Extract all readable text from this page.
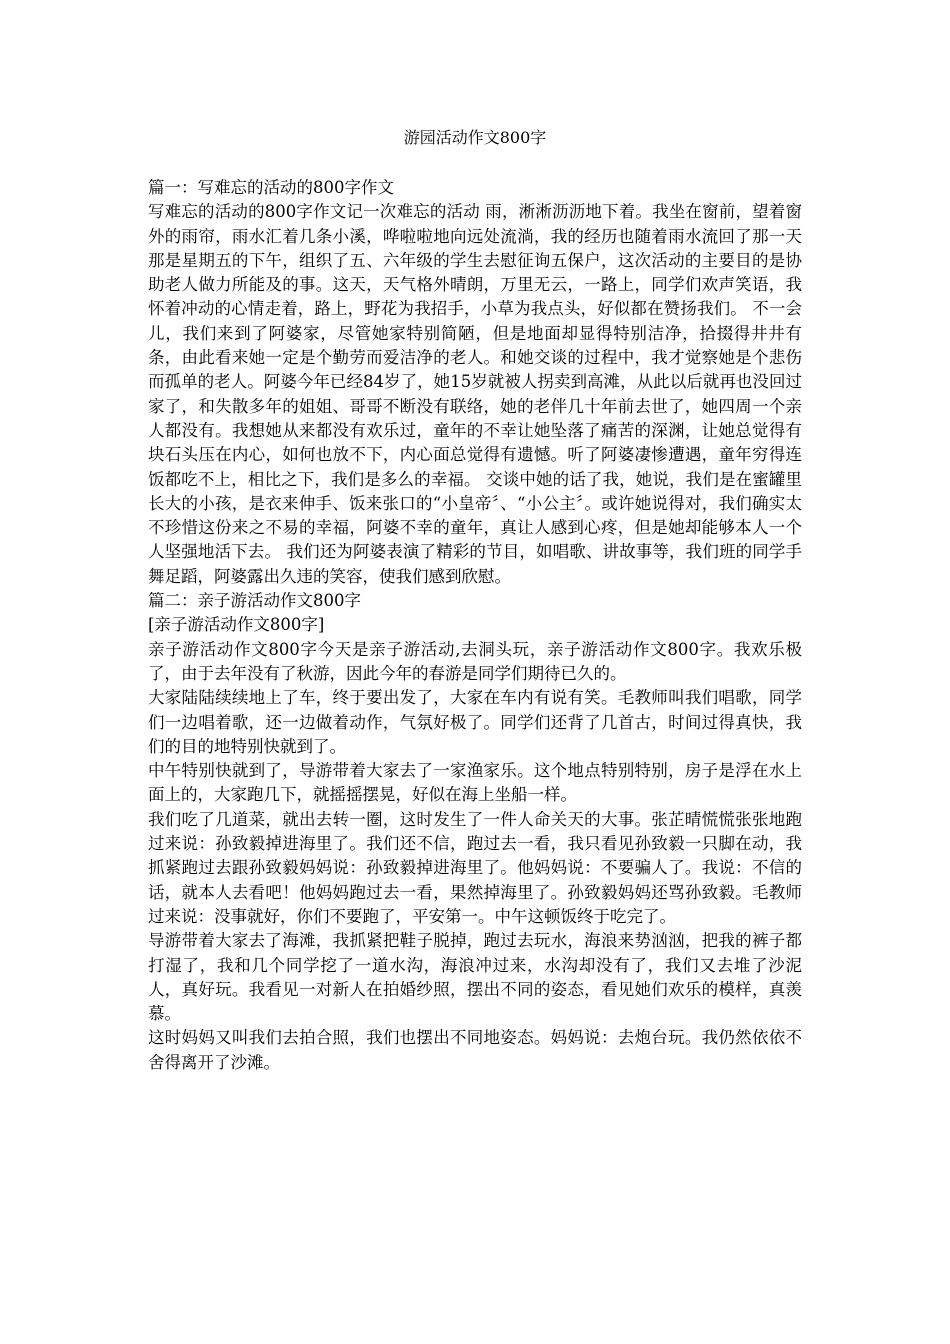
游园活动作文800字

篇一：写难忘的活动的800字作文

写难忘的活动的800字作文记一次难忘的活动 雨，淅淅沥沥地下着。我坐在窗前，望着窗外的雨帘，雨水汇着几条小溪，哗啦啦地向远处流淌，我的经历也随着雨水流回了那一天 那是星期五的下午，组织了五、六年级的学生去慰征询五保户，这次活动的主要目的是协助老人做力所能及的事。这天，天气格外晴朗，万里无云，一路上，同学们欢声笑语，我怀着冲动的心情走着，路上，野花为我招手，小草为我点头，好似都在赞扬我们。 不一会儿，我们来到了阿婆家，尽管她家特别简陋，但是地面却显得特别洁净，拾掇得井井有条，由此看来她一定是个勤劳而爱洁净的老人。和她交谈的过程中，我才觉察她是个悲伤而孤单的老人。阿婆今年已经84岁了，她15岁就被人拐卖到高滩，从此以后就再也没回过家了，和失散多年的姐姐、哥哥不断没有联络，她的老伴几十年前去世了，她四周一个亲人都没有。我想她从来都没有欢乐过，童年的不幸让她坠落了痛苦的深渊，让她总觉得有块石头压在内心，如何也放不下，内心面总觉得有遗憾。听了阿婆凄惨遭遇，童年穷得连饭都吃不上，相比之下，我们是多么的幸福。 交谈中她的话了我，她说，我们是在蜜罐里长大的小孩，是衣来伸手、饭来张口的“小皇帝〞、“小公主〞。或许她说得对，我们确实太不珍惜这份来之不易的幸福，阿婆不幸的童年，真让人感到心疼，但是她却能够本人一个人坚强地活下去。 我们还为阿婆表演了精彩的节目，如唱歌、讲故事等，我们班的同学手舞足蹈，阿婆露出久违的笑容，使我们感到欣慰。

篇二：亲子游活动作文800字

[亲子游活动作文800字]

亲子游活动作文800字今天是亲子游活动,去洞头玩，亲子游活动作文800字。我欢乐极了，由于去年没有了秋游，因此今年的春游是同学们期待已久的。

大家陆陆续续地上了车，终于要出发了，大家在车内有说有笑。毛教师叫我们唱歌，同学们一边唱着歌，还一边做着动作，气氛好极了。同学们还背了几首古，时间过得真快，我们的目的地特别快就到了。

中午特别快就到了，导游带着大家去了一家渔家乐。这个地点特别特别，房子是浮在水上面上的，大家跑几下，就摇摇摆晃，好似在海上坐船一样。

我们吃了几道菜，就出去转一圈，这时发生了一件人命关天的大事。张芷晴慌慌张张地跑过来说：孙致毅掉进海里了。我们还不信，跑过去一看，我只看见孙致毅一只脚在动，我抓紧跑过去跟孙致毅妈妈说：孙致毅掉进海里了。他妈妈说：不要骗人了。我说：不信的话，就本人去看吧！他妈妈跑过去一看，果然掉海里了。孙致毅妈妈还骂孙致毅。毛教师过来说：没事就好，你们不要跑了，平安第一。中午这顿饭终于吃完了。

导游带着大家去了海滩，我抓紧把鞋子脱掉，跑过去玩水，海浪来势汹汹，把我的裤子都打湿了，我和几个同学挖了一道水沟，海浪冲过来，水沟却没有了，我们又去堆了沙泥人，真好玩。我看见一对新人在拍婚纱照，摆出不同的姿态，看见她们欢乐的模样，真羡慕。

这时妈妈又叫我们去拍合照，我们也摆出不同地姿态。妈妈说：去炮台玩。我仍然依依不舍得离开了沙滩。
